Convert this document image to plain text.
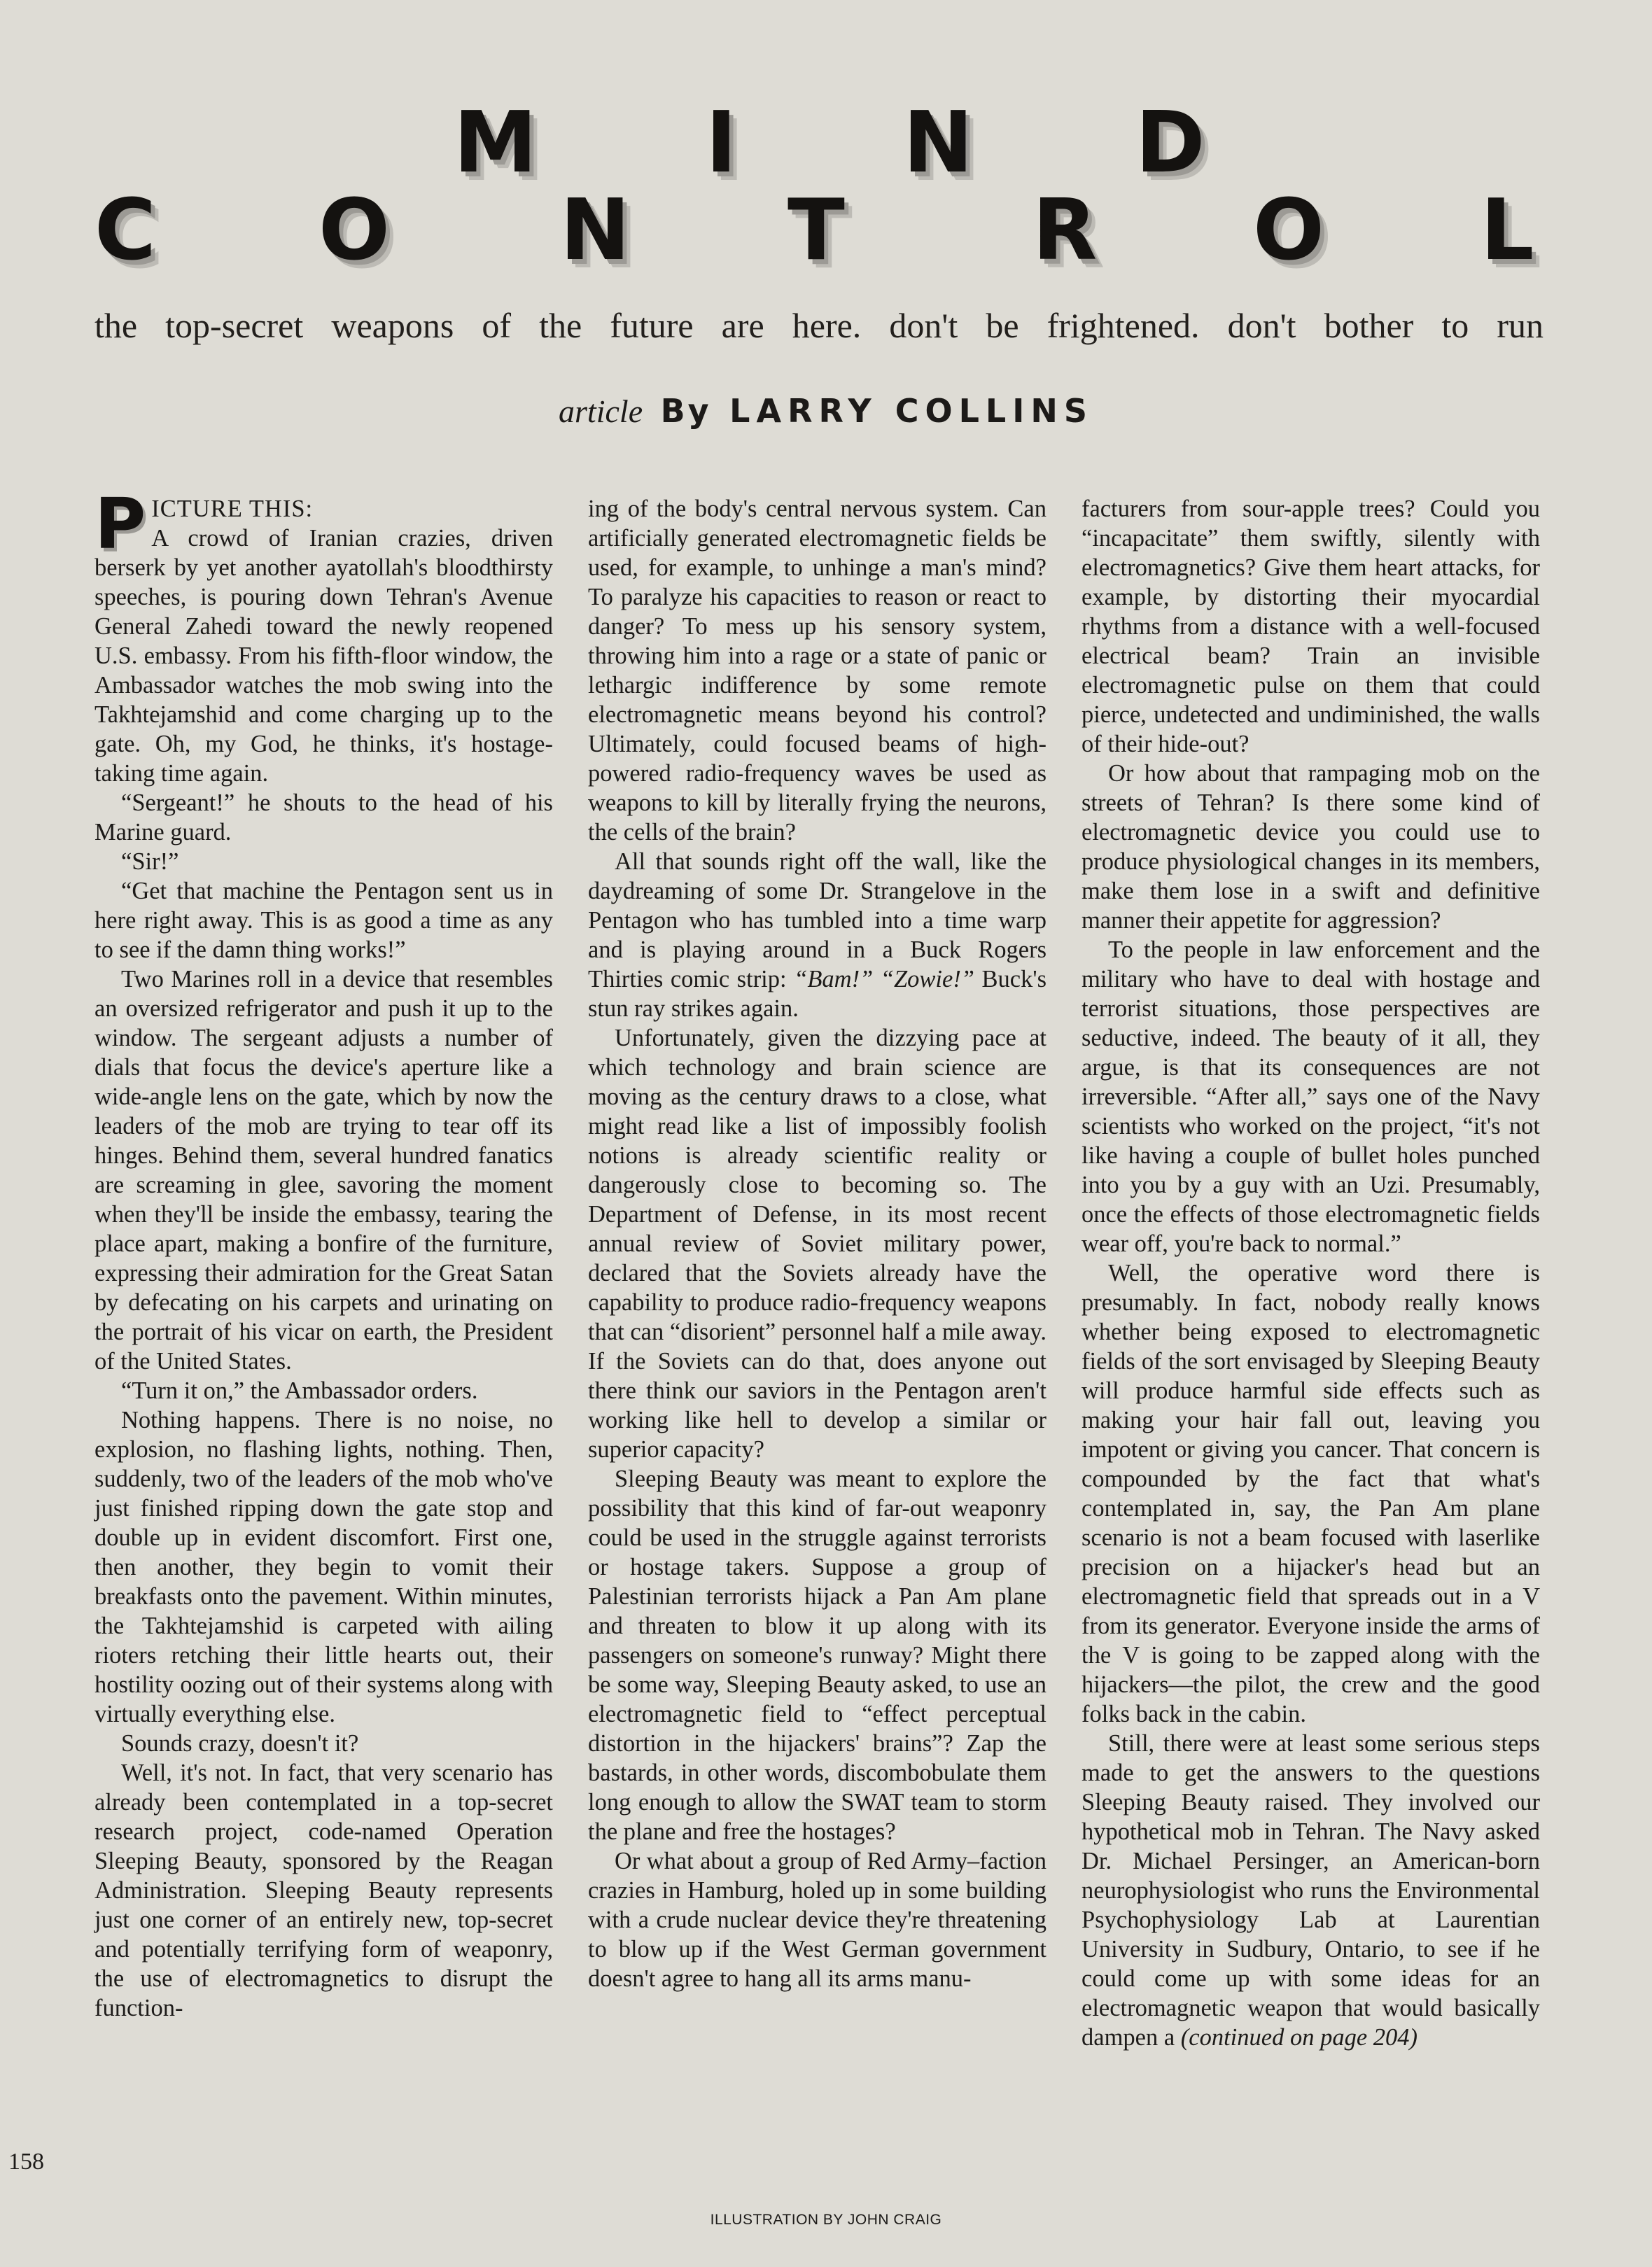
M I N D
C O N T R O L
the top-secret weapons of the future are here. don't be frightened. don't bother to run
article By LARRY COLLINS

P ICTURE THIS:

A crowd of Iranian crazies, driven berserk by yet another ayatollah's bloodthirsty speeches, is pouring down Tehran's Avenue General Zahedi toward the newly reopened U.S. embassy. From his fifth-floor window, the Ambassador watches the mob swing into the Takhtejamshid and come charging up to the gate. Oh, my God, he thinks, it's hostage-taking time again.

“Sergeant!” he shouts to the head of his Marine guard.

“Sir!”

“Get that machine the Pentagon sent us in here right away. This is as good a time as any to see if the damn thing works!”

Two Marines roll in a device that resembles an oversized refrigerator and push it up to the window. The sergeant adjusts a number of dials that focus the device's aperture like a wide-angle lens on the gate, which by now the leaders of the mob are trying to tear off its hinges. Behind them, several hundred fanatics are screaming in glee, savoring the moment when they'll be inside the embassy, tearing the place apart, making a bonfire of the furniture, expressing their admiration for the Great Satan by defecating on his carpets and urinating on the portrait of his vicar on earth, the President of the United States.

“Turn it on,” the Ambassador orders.

Nothing happens. There is no noise, no explosion, no flashing lights, nothing. Then, suddenly, two of the leaders of the mob who've just finished ripping down the gate stop and double up in evident discomfort. First one, then another, they begin to vomit their breakfasts onto the pavement. Within minutes, the Takhtejamshid is carpeted with ailing rioters retching their little hearts out, their hostility oozing out of their systems along with virtually everything else.

Sounds crazy, doesn't it?

Well, it's not. In fact, that very scenario has already been contemplated in a top-secret research project, code-named Operation Sleeping Beauty, sponsored by the Reagan Administration. Sleeping Beauty represents just one corner of an entirely new, top-secret and potentially terrifying form of weaponry, the use of electromagnetics to disrupt the function-

ing of the body's central nervous system. Can artificially generated electromagnetic fields be used, for example, to unhinge a man's mind? To paralyze his capacities to reason or react to danger? To mess up his sensory system, throwing him into a rage or a state of panic or lethargic indifference by some remote electromagnetic means beyond his control? Ultimately, could focused beams of high-powered radio-frequency waves be used as weapons to kill by literally frying the neurons, the cells of the brain?

All that sounds right off the wall, like the daydreaming of some Dr. Strangelove in the Pentagon who has tumbled into a time warp and is playing around in a Buck Rogers Thirties comic strip: “Bam!” “Zowie!” Buck's stun ray strikes again.

Unfortunately, given the dizzying pace at which technology and brain science are moving as the century draws to a close, what might read like a list of impossibly foolish notions is already scientific reality or dangerously close to becoming so. The Department of Defense, in its most recent annual review of Soviet military power, declared that the Soviets already have the capability to produce radio-frequency weapons that can “disorient” personnel half a mile away. If the Soviets can do that, does anyone out there think our saviors in the Pentagon aren't working like hell to develop a similar or superior capacity?

Sleeping Beauty was meant to explore the possibility that this kind of far-out weaponry could be used in the struggle against terrorists or hostage takers. Suppose a group of Palestinian terrorists hijack a Pan Am plane and threaten to blow it up along with its passengers on someone's runway? Might there be some way, Sleeping Beauty asked, to use an electromagnetic field to “effect perceptual distortion in the hijackers' brains”? Zap the bastards, in other words, discombobulate them long enough to allow the SWAT team to storm the plane and free the hostages?

Or what about a group of Red Army–faction crazies in Hamburg, holed up in some building with a crude nuclear device they're threatening to blow up if the West German government doesn't agree to hang all its arms manu-

facturers from sour-apple trees? Could you “incapacitate” them swiftly, silently with electromagnetics? Give them heart attacks, for example, by distorting their myocardial rhythms from a distance with a well-focused electrical beam? Train an invisible electromagnetic pulse on them that could pierce, undetected and undiminished, the walls of their hide-out?

Or how about that rampaging mob on the streets of Tehran? Is there some kind of electromagnetic device you could use to produce physiological changes in its members, make them lose in a swift and definitive manner their appetite for aggression?

To the people in law enforcement and the military who have to deal with hostage and terrorist situations, those perspectives are seductive, indeed. The beauty of it all, they argue, is that its consequences are not irreversible. “After all,” says one of the Navy scientists who worked on the project, “it's not like having a couple of bullet holes punched into you by a guy with an Uzi. Presumably, once the effects of those electromagnetic fields wear off, you're back to normal.”

Well, the operative word there is presumably. In fact, nobody really knows whether being exposed to electromagnetic fields of the sort envisaged by Sleeping Beauty will produce harmful side effects such as making your hair fall out, leaving you impotent or giving you cancer. That concern is compounded by the fact that what's contemplated in, say, the Pan Am plane scenario is not a beam focused with laserlike precision on a hijacker's head but an electromagnetic field that spreads out in a V from its generator. Everyone inside the arms of the V is going to be zapped along with the hijackers—the pilot, the crew and the good folks back in the cabin.

Still, there were at least some serious steps made to get the answers to the questions Sleeping Beauty raised. They involved our hypothetical mob in Tehran. The Navy asked Dr. Michael Persinger, an American-born neurophysiologist who runs the Environmental Psychophysiology Lab at Laurentian University in Sudbury, Ontario, to see if he could come up with some ideas for an electromagnetic weapon that would basically dampen a (continued on page 204)

158
ILLUSTRATION BY JOHN CRAIG
